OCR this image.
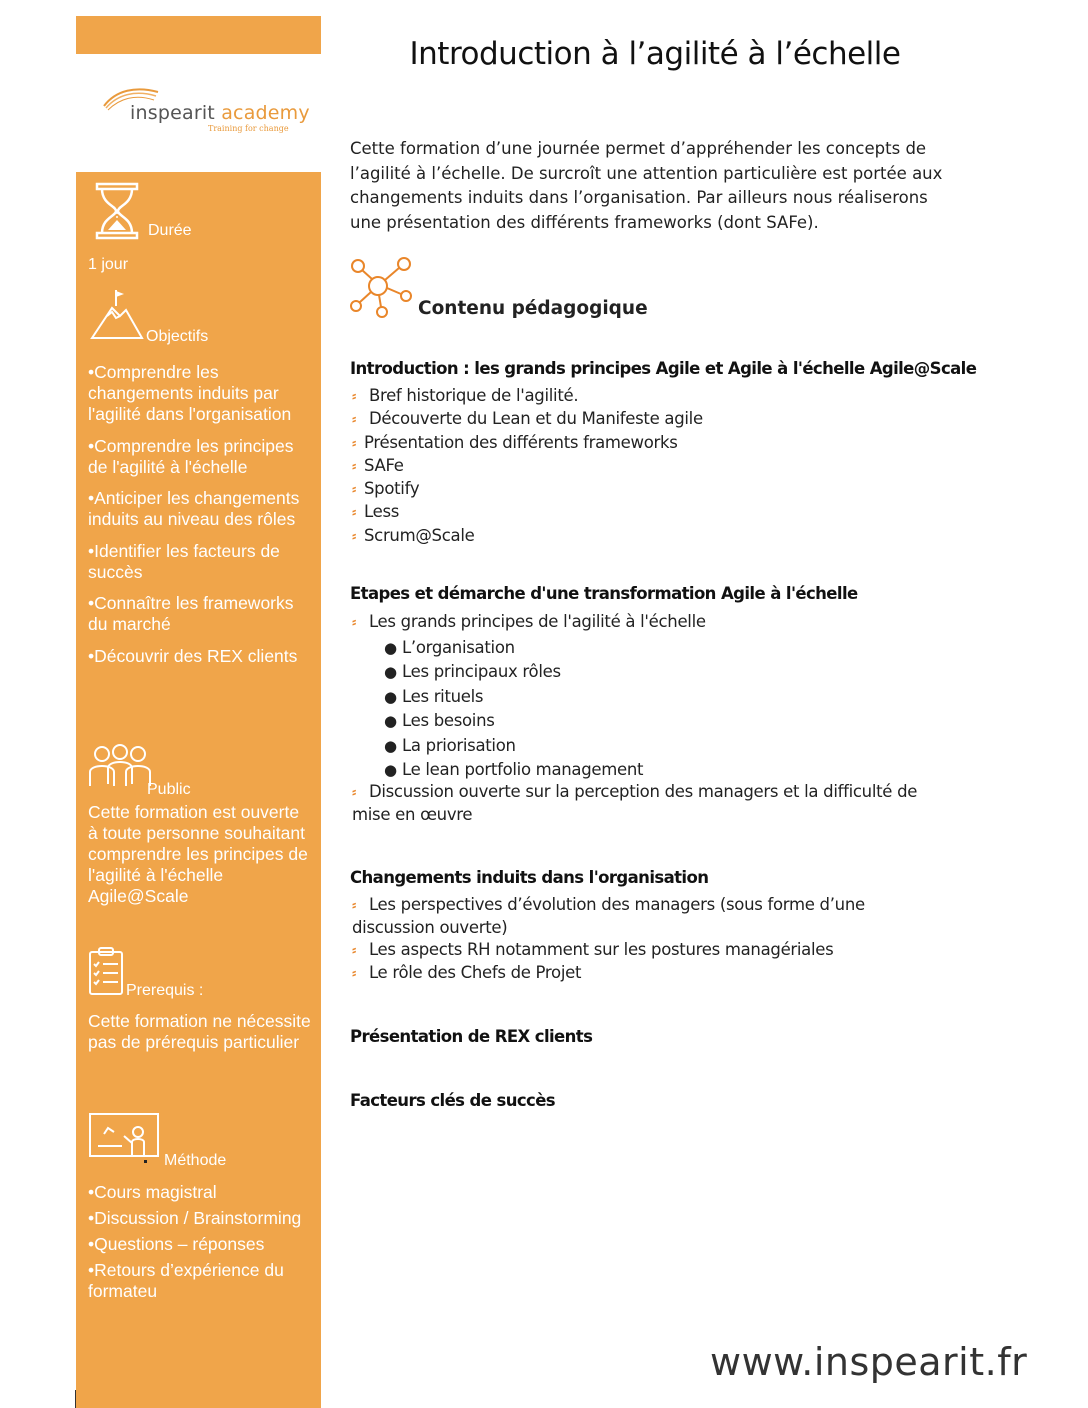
inspearit academy
Training for change
Introduction à l’agilité à l’échelle

Cette formation d’une journée permet d’appréhender les concepts de l’agilité à l’échelle. De surcroît une attention particulière est portée aux changements induits dans l’organisation. Par ailleurs nous réaliserons une présentation des différents frameworks (dont SAFe).

Durée
1 jour
Objectifs
•Comprendre les changements induits par l'agilité dans l'organisation
•Comprendre les principes de l'agilité à l'échelle
•Anticiper les changements induits au niveau des rôles
•Identifier les facteurs de succès
•Connaître les frameworks du marché
•Découvrir des REX clients
Public

Cette formation est ouverte à toute personne souhaitant comprendre les principes de l'agilité à l'échelle Agile@Scale

Prerequis :

Cette formation ne nécessite pas de prérequis particulier

Méthode
•Cours magistral
•Discussion / Brainstorming
•Questions – réponses
•Retours d’expérience du formateu
Contenu pédagogique
Introduction : les grands principes Agile et Agile à l'échelle Agile@Scale
⸗ Bref historique de l'agilité.
⸗ Découverte du Lean et du Manifeste agile
⸗ Présentation des différents frameworks
⸗ SAFe
⸗ Spotify
⸗ Less
⸗ Scrum@Scale
Etapes et démarche d'une transformation Agile à l'échelle
⸗ Les grands principes de l'agilité à l'échelle
● L’organisation
● Les principaux rôles
● Les rituels
● Les besoins
● La priorisation
● Le lean portfolio management
⸗ Discussion ouverte sur la perception des managers et la difficulté de mise en œuvre
Changements induits dans l'organisation
⸗ Les perspectives d’évolution des managers (sous forme d’une discussion ouverte)
⸗ Les aspects RH notamment sur les postures managériales
⸗ Le rôle des Chefs de Projet
Présentation de REX clients
Facteurs clés de succès

www.inspearit.fr
